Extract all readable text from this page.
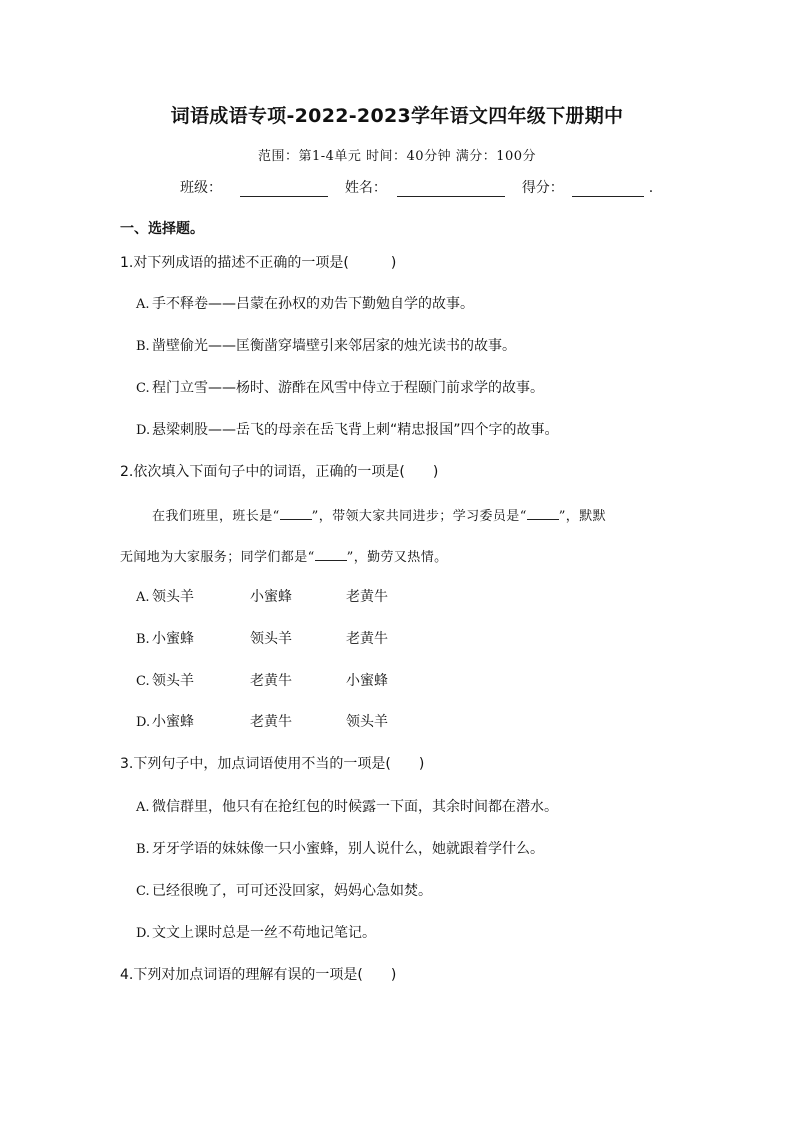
词语成语专项-2022-2023学年语文四年级下册期中
范围：第1-4单元 时间：40分钟 满分：100分
班级：	姓名：	得分：	.
一、选择题。
1.对下列成语的描述不正确的一项是(　　　)
A. 手不释卷——吕蒙在孙权的劝告下勤勉自学的故事。
B. 凿壁偷光——匡衡凿穿墙壁引来邻居家的烛光读书的故事。
C. 程门立雪——杨时、游酢在风雪中侍立于程颐门前求学的故事。
D. 悬梁刺股——岳飞的母亲在岳飞背上刺“精忠报国”四个字的故事。
2.依次填入下面句子中的词语，正确的一项是(　　)
在我们班里，班长是“ ”，带领大家共同进步；学习委员是“ ”，默默
无闻地为大家服务；同学们都是“ ”，勤劳又热情。
A. 领头羊	小蜜蜂	老黄牛
B. 小蜜蜂	领头羊	老黄牛
C. 领头羊	老黄牛	小蜜蜂
D. 小蜜蜂	老黄牛	领头羊
3.下列句子中，加点词语使用不当的一项是(　　)
A. 微信群里，他只有在抢红包的时候露一下面，其余时间都在潜水。
B. 牙牙学语的妹妹像一只小蜜蜂，别人说什么，她就跟着学什么。
C. 已经很晚了，可可还没回家，妈妈心急如焚。
D. 文文上课时总是一丝不苟地记笔记。
4.下列对加点词语的理解有误的一项是(　　)
